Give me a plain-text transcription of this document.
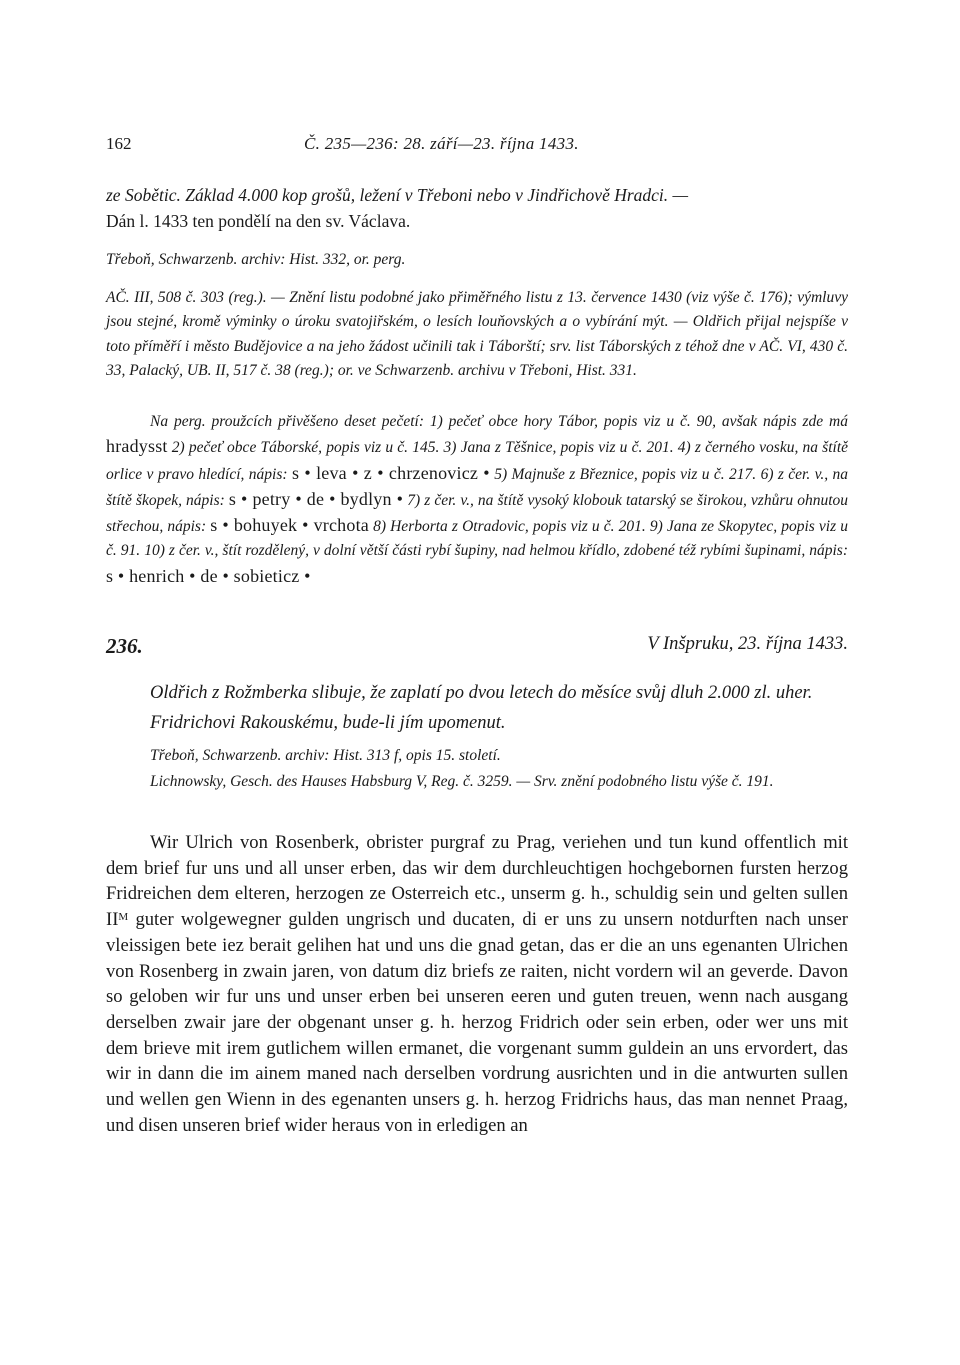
162	Č. 235—236: 28. září—23. října 1433.
ze Sobětic. Základ 4.000 kop grošů, ležení v Třeboni nebo v Jindřichově Hradci. —
Dán l. 1433 ten pondělí na den sv. Václava.
Třeboň, Schwarzenb. archiv: Hist. 332, or. perg.
AČ. III, 508 č. 303 (reg.). — Znění listu podobné jako přiměřného listu z 13. července 1430 (viz výše č. 176); výmluvy jsou stejné, kromě výminky o úroku svatojiřském, o lesích louňovských a o vybírání mýt. — Oldřich přijal nejspíše v toto příměří i město Budějovice a na jeho žádost učinili tak i Táborští; srv. list Táborských z téhož dne v AČ. VI, 430 č. 33, Palacký, UB. II, 517 č. 38 (reg.); or. ve Schwarzenb. archivu v Třeboni, Hist. 331.
Na perg. proužcích přivěšeno deset pečetí: 1) pečeť obce hory Tábor, popis viz u č. 90, avšak nápis zde má hradysst 2) pečeť obce Táborské, popis viz u č. 145. 3) Jana z Těšnice, popis viz u č. 201. 4) z černého vosku, na štítě orlice v pravo hledící, nápis: s • leva • z • chrzenovicz • 5) Majnuše z Březnice, popis viz u č. 217. 6) z čer. v., na štítě škopek, nápis: s • petry • de • bydlyn • 7) z čer. v., na štítě vysoký klobouk tatarský se širokou, vzhůru ohnutou střechou, nápis: s • bohuyek • vrchota 8) Herborta z Otradovic, popis viz u č. 201. 9) Jana ze Skopytec, popis viz u č. 91. 10) z čer. v., štít rozdělený, v dolní větší části rybí šupiny, nad helmou křídlo, zdobené též rybími šupinami, nápis: s • henrich • de • sobieticz •
236.	V Inšpruku, 23. října 1433.
Oldřich z Rožmberka slibuje, že zaplatí po dvou letech do měsíce svůj dluh 2.000 zl. uher. Fridrichovi Rakouskému, bude-li jím upomenut.
Třeboň, Schwarzenb. archiv: Hist. 313 f, opis 15. století.
Lichnowsky, Gesch. des Hauses Habsburg V, Reg. č. 3259. — Srv. znění podobného listu výše č. 191.
Wir Ulrich von Rosenberk, obrister purgraf zu Prag, veriehen und tun kund offentlich mit dem brief fur uns und all unser erben, das wir dem durchleuchtigen hochgebornen fursten herzog Fridreichen dem elteren, herzogen ze Osterreich etc., unserm g. h., schuldig sein und gelten sullen $II^M$ guter wolgewegner gulden ungrisch und ducaten, di er uns zu unsern notdurften nach unser vleissigen bete iez berait gelihen hat und uns die gnad getan, das er die an uns egenanten Ulrichen von Rosenberg in zwain jaren, von datum diz briefs ze raiten, nicht vordern wil an geverde. Davon so geloben wir fur uns und unser erben bei unseren eeren und guten treuen, wenn nach ausgang derselben zwair jare der obgenant unser g. h. herzog Fridrich oder sein erben, oder wer uns mit dem brieve mit irem gutlichem willen ermanet, die vorgenant summ guldein an uns ervordert, das wir in dann die im ainem maned nach derselben vordrung ausrichten und in die antwurten sullen und wellen gen Wienn in des egenanten unsers g. h. herzog Fridrichs haus, das man nennet Praag, und disen unseren brief wider heraus von in erledigen an
